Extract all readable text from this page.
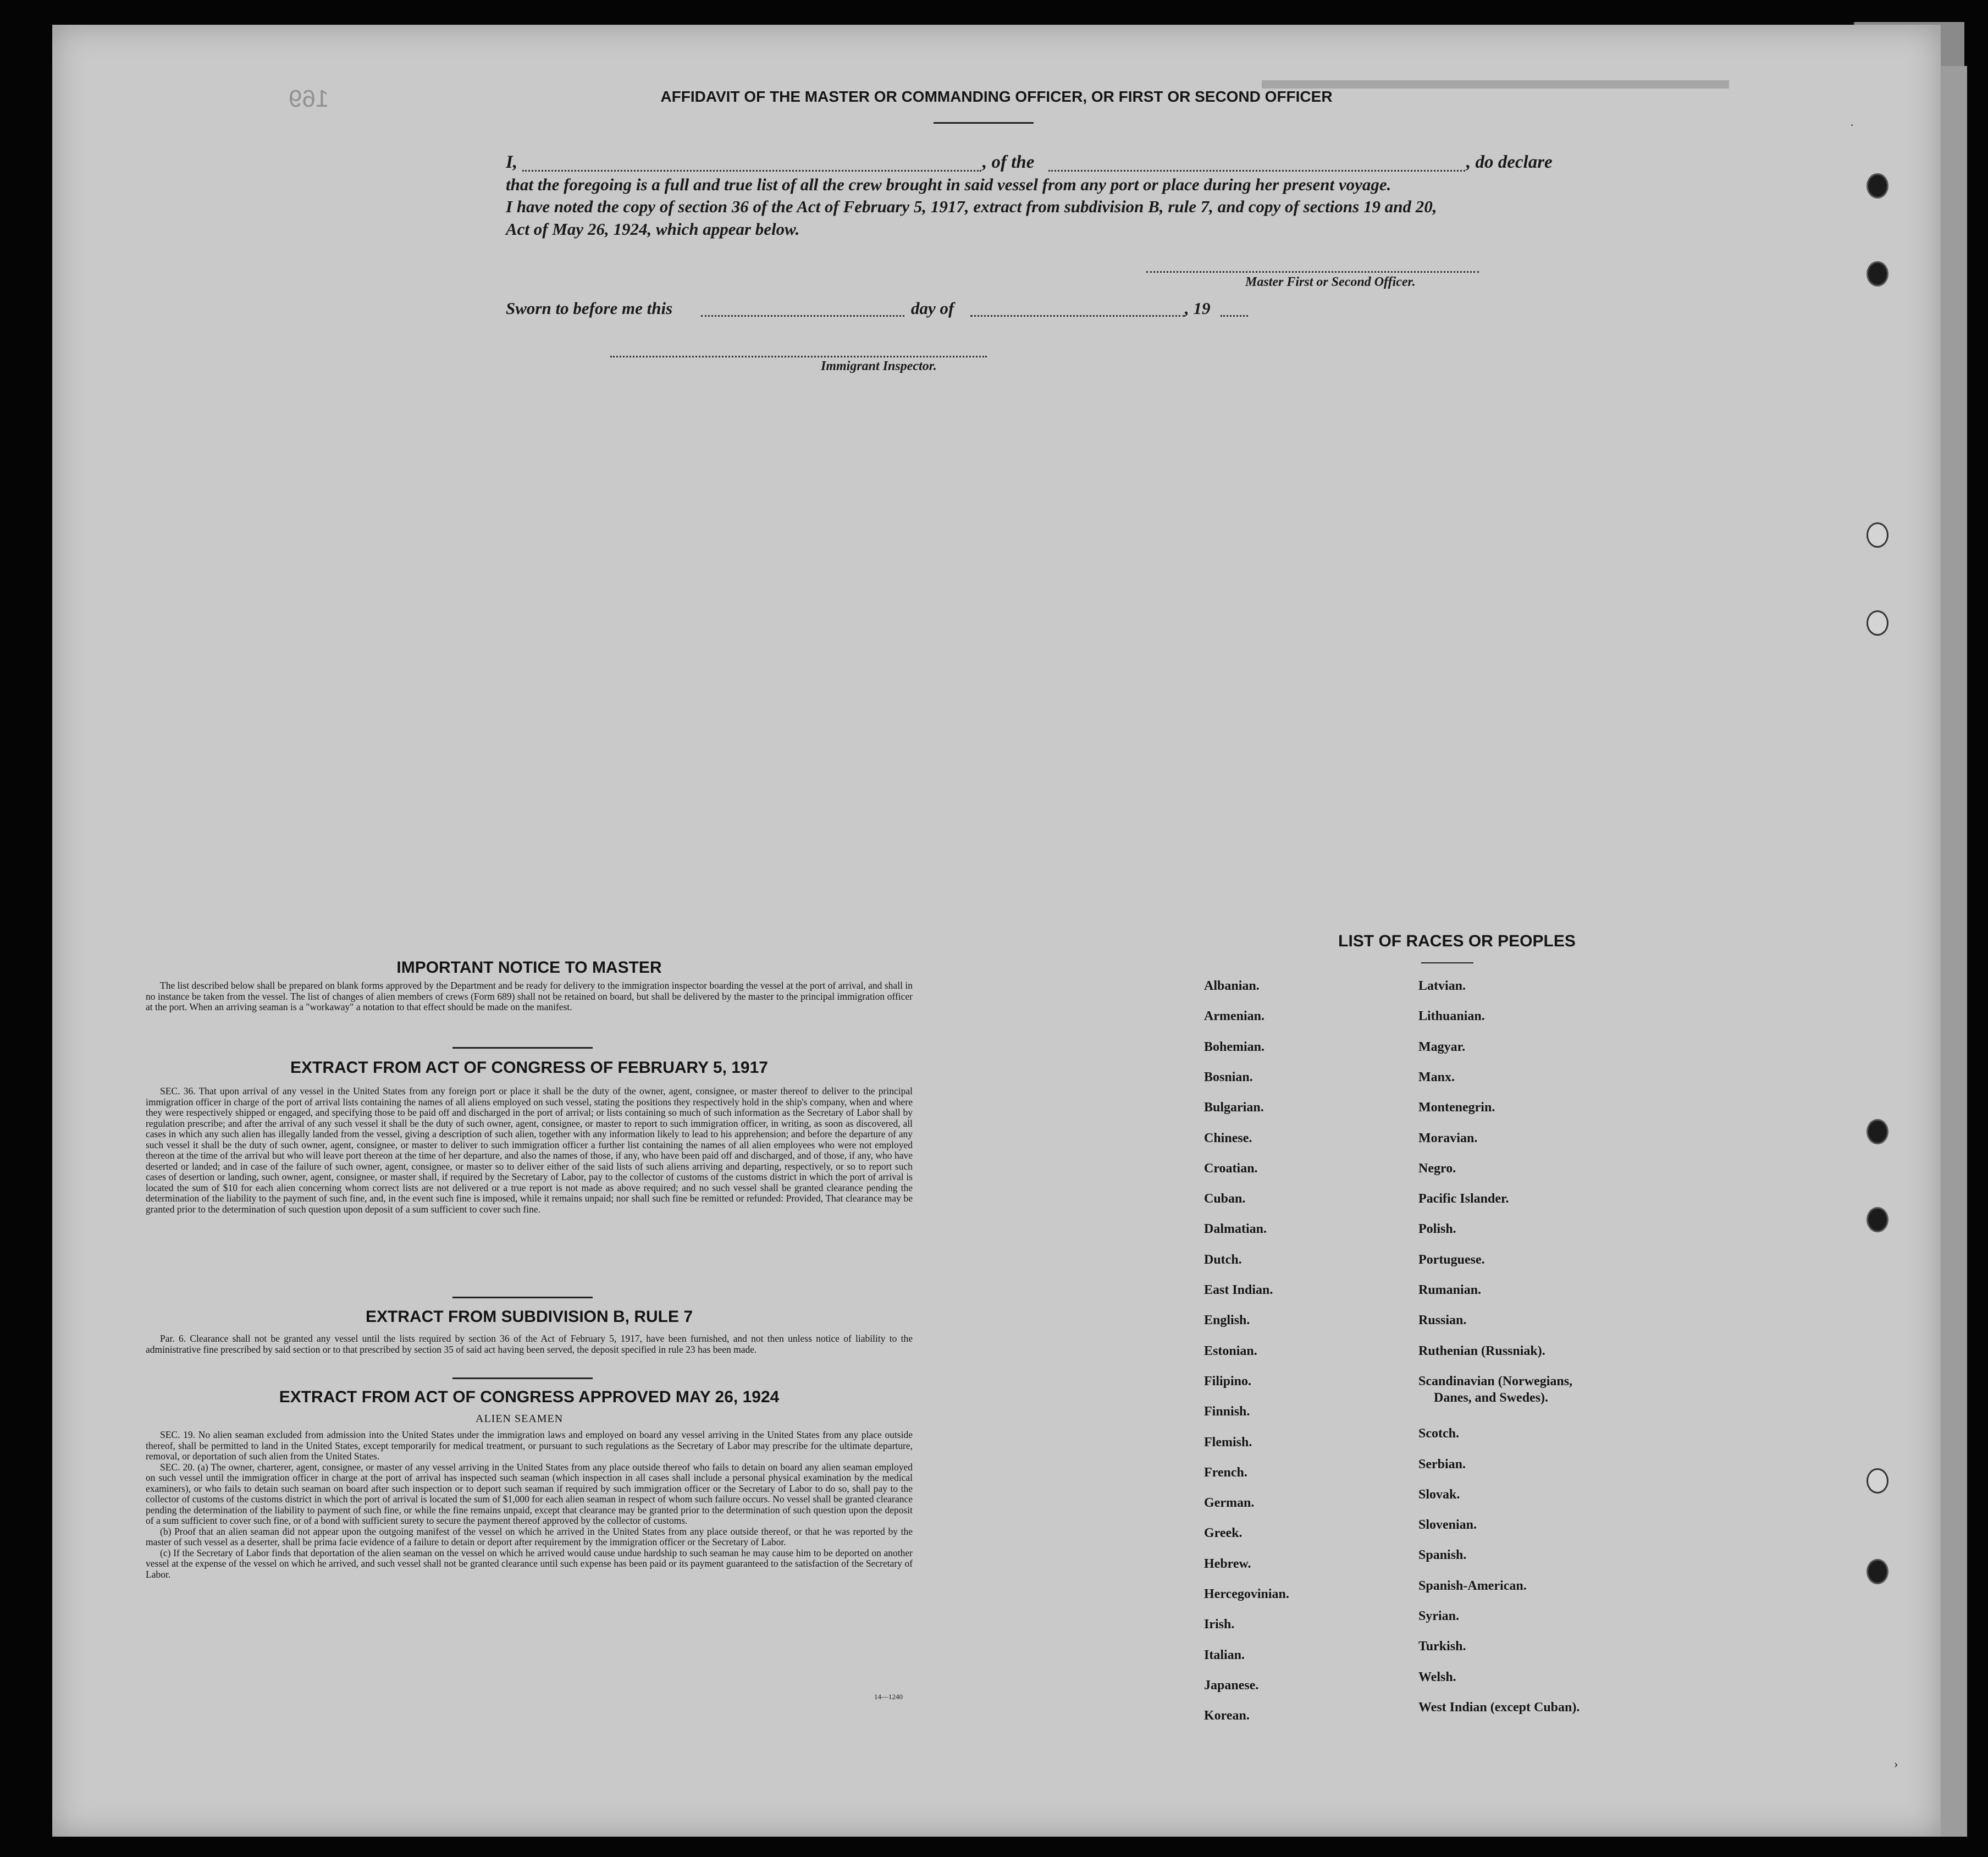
▬▬▬▬▬▬▬▬▬▬▬▬▬▬▬▬▬
169	AFFIDAVIT OF THE MASTER OR COMMANDING OFFICER, OR FIRST OR SECOND OFFICER
I,	, of the	, do declare
that the foregoing is a full and true list of all the crew brought in said vessel from any port or place during her present voyage.
I have noted the copy of section 36 of the Act of February 5, 1917, extract from subdivision B, rule 7, and copy of sections 19 and 20,
Act of May 26, 1924, which appear below.
Master First or Second Officer.
Sworn to before me this	day of	, 19
Immigrant Inspector.
IMPORTANT NOTICE TO MASTER

The list described below shall be prepared on blank forms approved by the Department and be ready for delivery to the immigration inspector boarding the vessel at the port of arrival, and shall in no instance be taken from the vessel. The list of changes of alien members of crews (Form 689) shall not be retained on board, but shall be delivered by the master to the principal immigration officer at the port. When an arriving seaman is a "workaway" a notation to that effect should be made on the manifest.

EXTRACT FROM ACT OF CONGRESS OF FEBRUARY 5, 1917

SEC. 36. That upon arrival of any vessel in the United States from any foreign port or place it shall be the duty of the owner, agent, consignee, or master thereof to deliver to the principal immigration officer in charge of the port of arrival lists containing the names of all aliens employed on such vessel, stating the positions they respectively hold in the ship's company, when and where they were respectively shipped or engaged, and specifying those to be paid off and discharged in the port of arrival; or lists containing so much of such information as the Secretary of Labor shall by regulation prescribe; and after the arrival of any such vessel it shall be the duty of such owner, agent, consignee, or master to report to such immigration officer, in writing, as soon as discovered, all cases in which any such alien has illegally landed from the vessel, giving a description of such alien, together with any information likely to lead to his apprehension; and before the departure of any such vessel it shall be the duty of such owner, agent, consignee, or master to deliver to such immigration officer a further list containing the names of all alien employees who were not employed thereon at the time of the arrival but who will leave port thereon at the time of her departure, and also the names of those, if any, who have been paid off and discharged, and of those, if any, who have deserted or landed; and in case of the failure of such owner, agent, consignee, or master so to deliver either of the said lists of such aliens arriving and departing, respectively, or so to report such cases of desertion or landing, such owner, agent, consignee, or master shall, if required by the Secretary of Labor, pay to the collector of customs of the customs district in which the port of arrival is located the sum of $10 for each alien concerning whom correct lists are not delivered or a true report is not made as above required; and no such vessel shall be granted clearance pending the determination of the liability to the payment of such fine, and, in the event such fine is imposed, while it remains unpaid; nor shall such fine be remitted or refunded: Provided, That clearance may be granted prior to the determination of such question upon deposit of a sum sufficient to cover such fine.

EXTRACT FROM SUBDIVISION B, RULE 7

Par. 6. Clearance shall not be granted any vessel until the lists required by section 36 of the Act of February 5, 1917, have been furnished, and not then unless notice of liability to the administrative fine prescribed by said section or to that prescribed by section 35 of said act having been served, the deposit specified in rule 23 has been made.

EXTRACT FROM ACT OF CONGRESS APPROVED MAY 26, 1924
ALIEN SEAMEN

SEC. 19. No alien seaman excluded from admission into the United States under the immigration laws and employed on board any vessel arriving in the United States from any place outside thereof, shall be permitted to land in the United States, except temporarily for medical treatment, or pursuant to such regulations as the Secretary of Labor may prescribe for the ultimate departure, removal, or deportation of such alien from the United States.

SEC. 20. (a) The owner, charterer, agent, consignee, or master of any vessel arriving in the United States from any place outside thereof who fails to detain on board any alien seaman employed on such vessel until the immigration officer in charge at the port of arrival has inspected such seaman (which inspection in all cases shall include a personal physical examination by the medical examiners), or who fails to detain such seaman on board after such inspection or to deport such seaman if required by such immigration officer or the Secretary of Labor to do so, shall pay to the collector of customs of the customs district in which the port of arrival is located the sum of $1,000 for each alien seaman in respect of whom such failure occurs. No vessel shall be granted clearance pending the determination of the liability to payment of such fine, or while the fine remains unpaid, except that clearance may be granted prior to the determination of such question upon the deposit of a sum sufficient to cover such fine, or of a bond with sufficient surety to secure the payment thereof approved by the collector of customs.

(b) Proof that an alien seaman did not appear upon the outgoing manifest of the vessel on which he arrived in the United States from any place outside thereof, or that he was reported by the master of such vessel as a deserter, shall be prima facie evidence of a failure to detain or deport after requirement by the immigration officer or the Secretary of Labor.

(c) If the Secretary of Labor finds that deportation of the alien seaman on the vessel on which he arrived would cause undue hardship to such seaman he may cause him to be deported on another vessel at the expense of the vessel on which he arrived, and such vessel shall not be granted clearance until such expense has been paid or its payment guaranteed to the satisfaction of the Secretary of Labor.

14—1240
LIST OF RACES OR PEOPLES
Albanian.
Armenian.
Bohemian.
Bosnian.
Bulgarian.
Chinese.
Croatian.
Cuban.
Dalmatian.
Dutch.
East Indian.
English.
Estonian.
Filipino.
Finnish.
Flemish.
French.
German.
Greek.
Hebrew.
Hercegovinian.
Irish.
Italian.
Japanese.
Korean.
Latvian.
Lithuanian.
Magyar.
Manx.
Montenegrin.
Moravian.
Negro.
Pacific Islander.
Polish.
Portuguese.
Rumanian.
Russian.
Ruthenian (Russniak).
Scandinavian (Norwegians,
Danes, and Swedes).
Scotch.
Serbian.
Slovak.
Slovenian.
Spanish.
Spanish-American.
Syrian.
Turkish.
Welsh.
West Indian (except Cuban).
·
›
